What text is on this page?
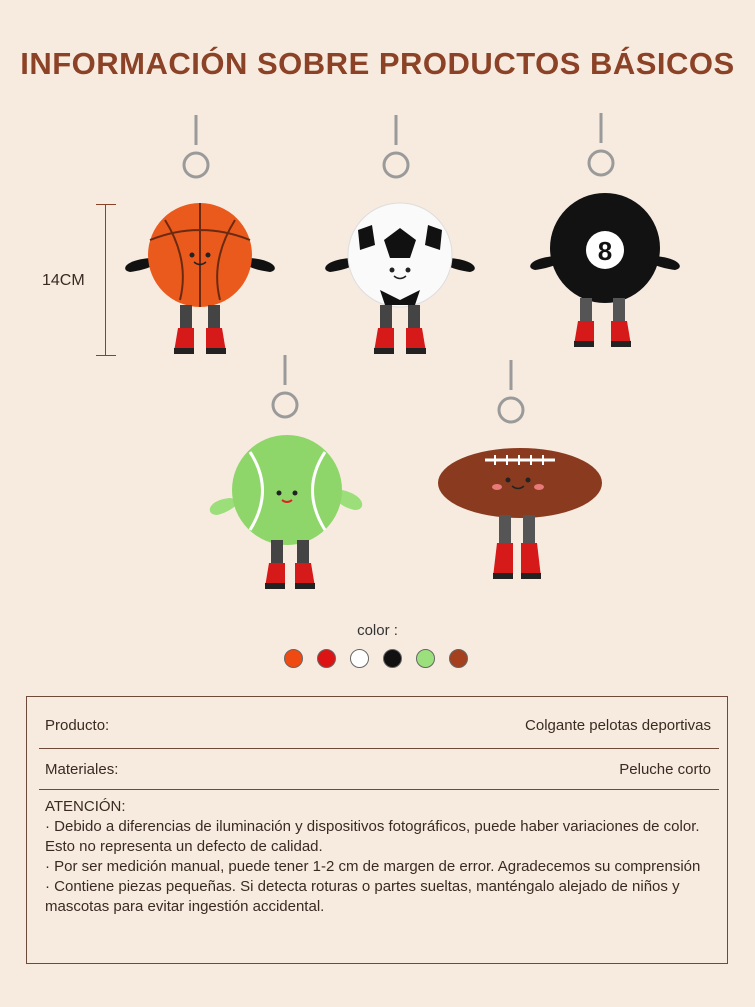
INFORMACIÓN SOBRE PRODUCTOS BÁSICOS
8
14CM
color :
Producto:	Colgante pelotas deportivas
Materiales:	Peluche corto

ATENCIÓN:

· Debido a diferencias de iluminación y dispositivos fotográficos, puede haber variaciones de color. Esto no representa un defecto de calidad.

· Por ser medición manual, puede tener 1-2 cm de margen de error. Agradecemos su comprensión

· Contiene piezas pequeñas. Si detecta roturas o partes sueltas, manténgalo alejado de niños y mascotas para evitar ingestión accidental.
